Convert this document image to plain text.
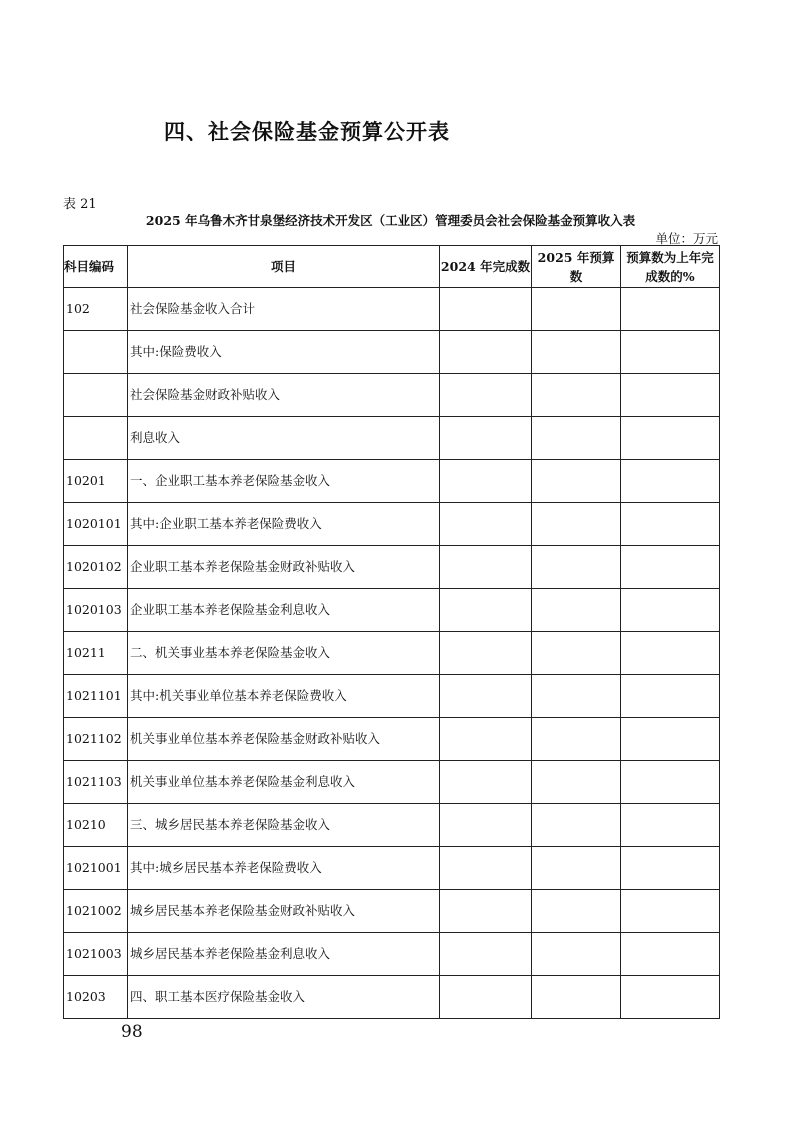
四、社会保险基金预算公开表
表 21
2025 年乌鲁木齐甘泉堡经济技术开发区（工业区）管理委员会社会保险基金预算收入表
单位：万元
科目编码	项目	2024 年完成数	2025 年预算数	预算数为上年完成数的%
102	社会保险基金收入合计			
	其中:保险费收入			
	社会保险基金财政补贴收入			
	利息收入			
10201	一、企业职工基本养老保险基金收入			
1020101	其中:企业职工基本养老保险费收入			
1020102	企业职工基本养老保险基金财政补贴收入			
1020103	企业职工基本养老保险基金利息收入			
10211	二、机关事业基本养老保险基金收入			
1021101	其中:机关事业单位基本养老保险费收入			
1021102	机关事业单位基本养老保险基金财政补贴收入			
1021103	机关事业单位基本养老保险基金利息收入			
10210	三、城乡居民基本养老保险基金收入			
1021001	其中:城乡居民基本养老保险费收入			
1021002	城乡居民基本养老保险基金财政补贴收入			
1021003	城乡居民基本养老保险基金利息收入			
10203	四、职工基本医疗保险基金收入			
98
